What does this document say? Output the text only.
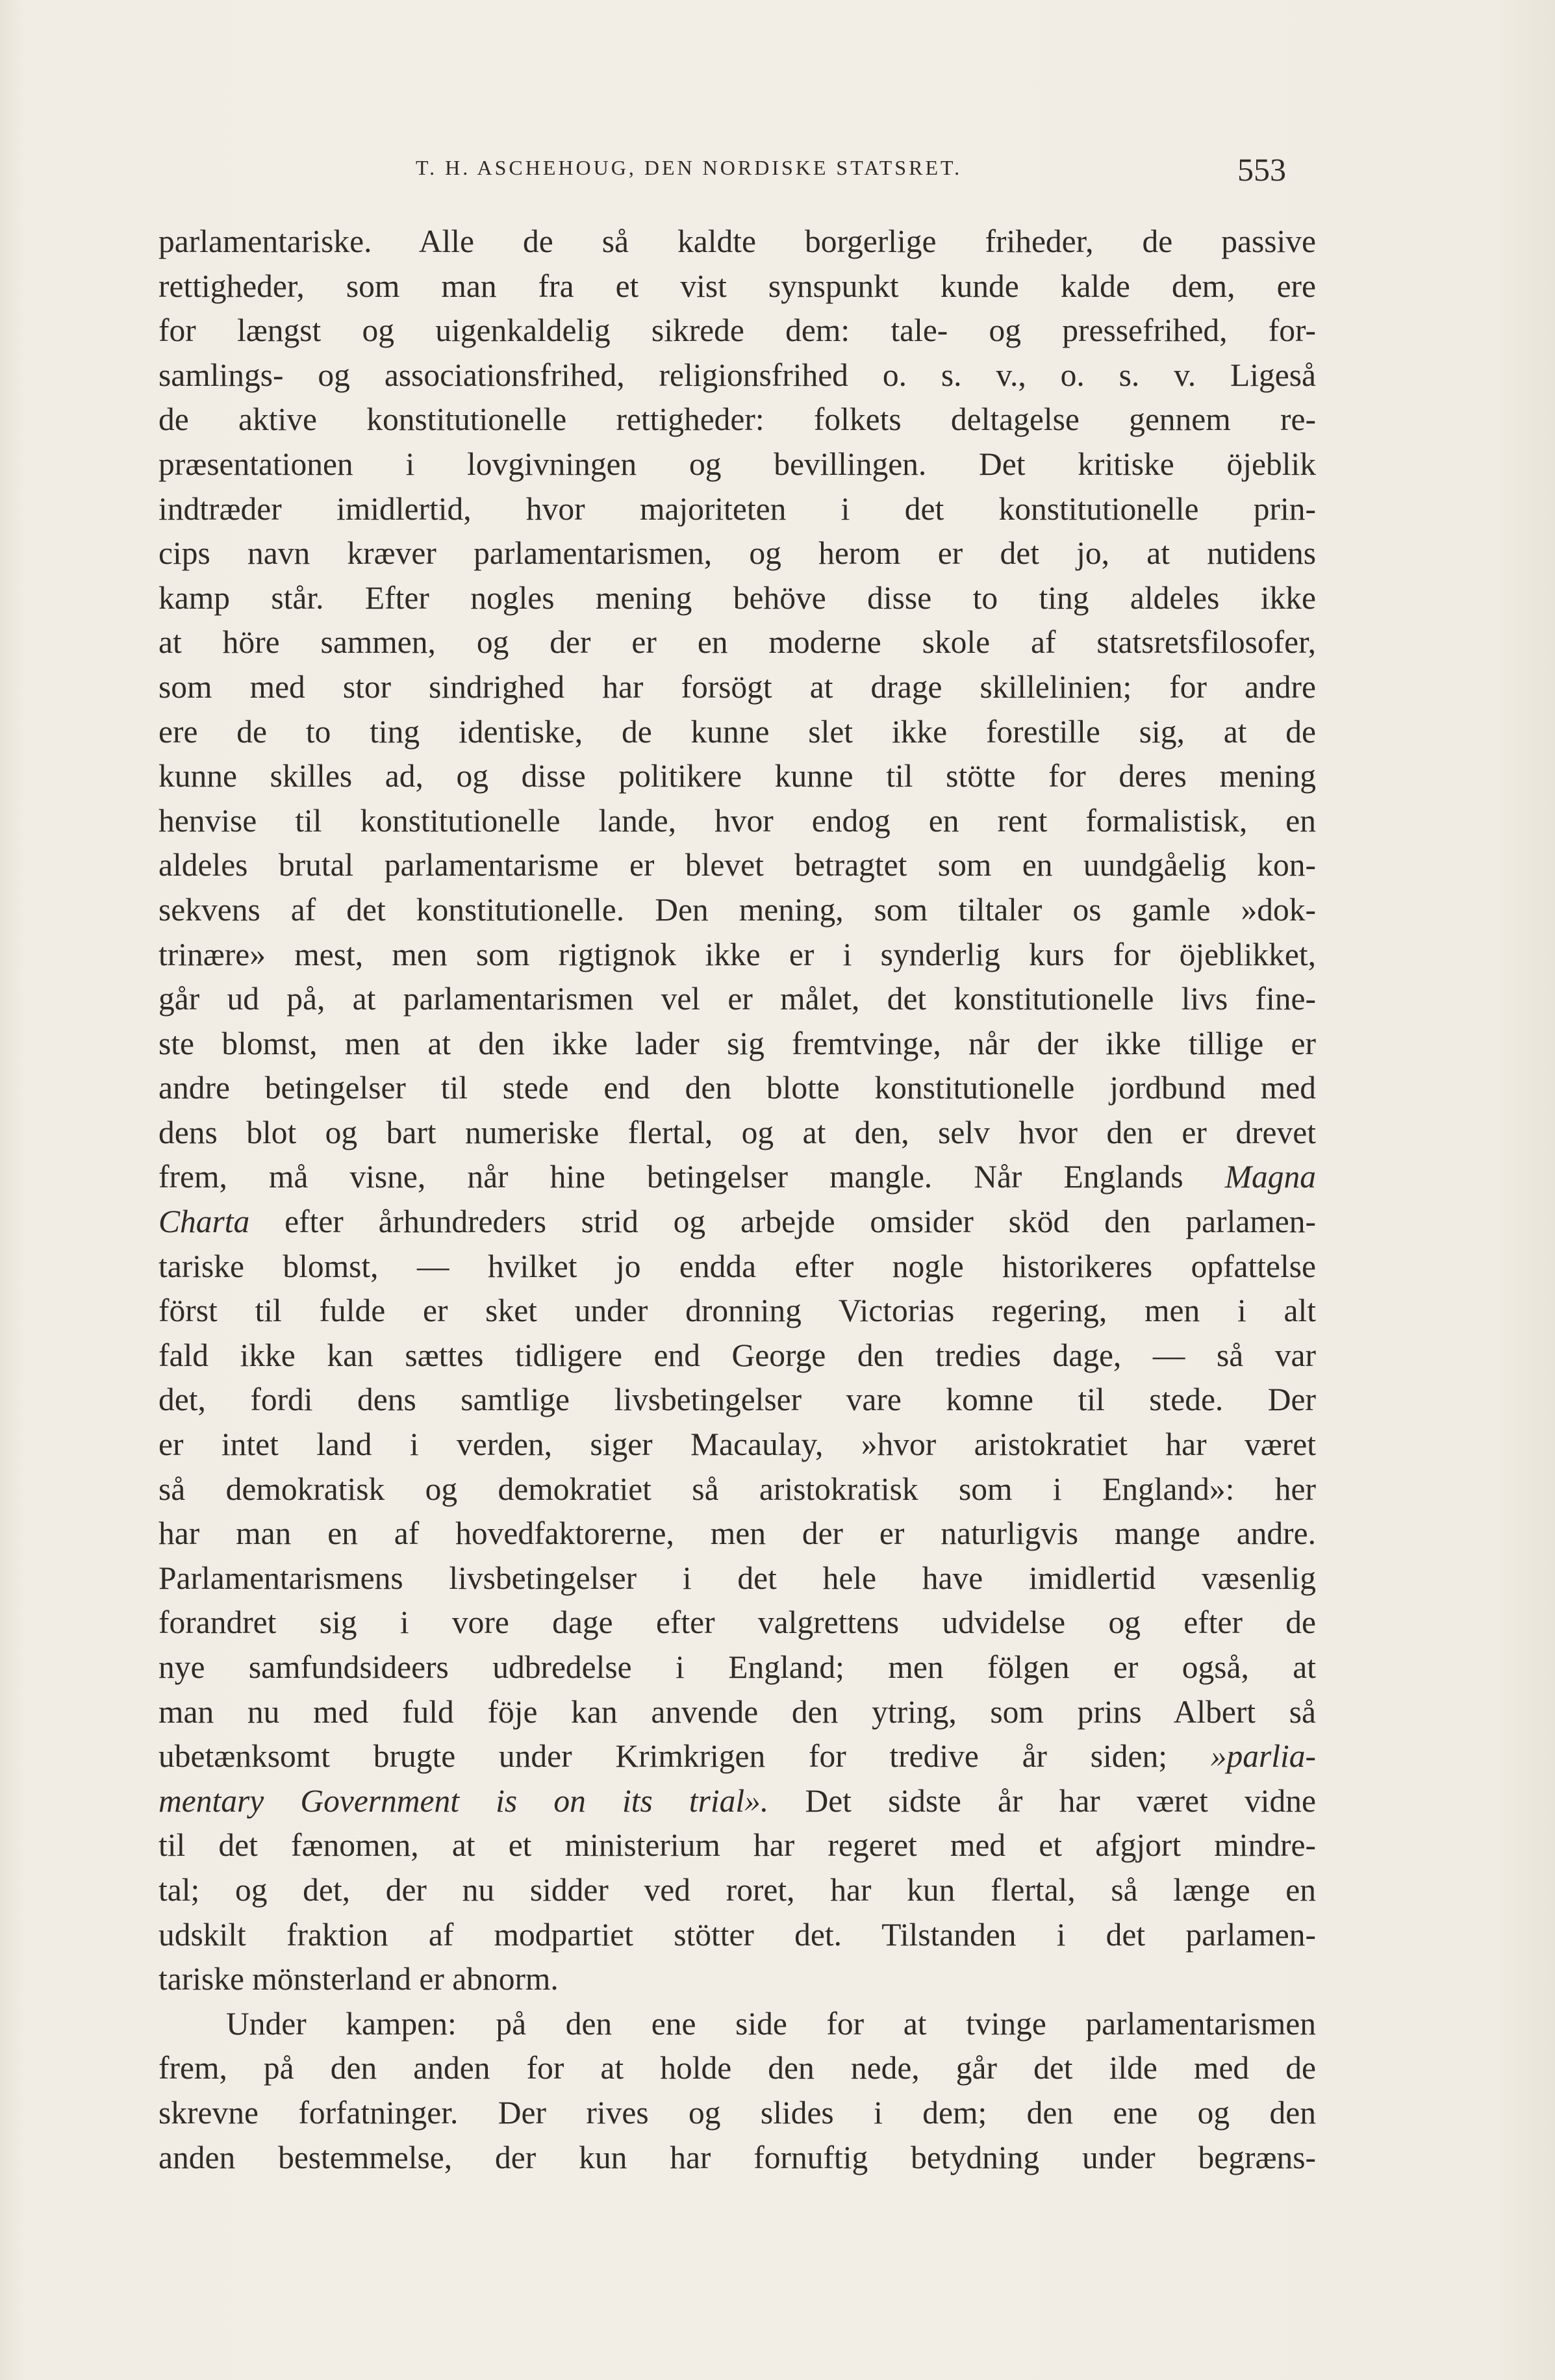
T. H. ASCHEHOUG, DEN NORDISKE STATSRET.	553
parlamentariske. Alle de så kaldte borgerlige friheder, de passive
rettigheder, som man fra et vist synspunkt kunde kalde dem, ere
for længst og uigenkaldelig sikrede dem: tale- og pressefrihed, for-
samlings- og associationsfrihed, religionsfrihed o. s. v., o. s. v. Ligeså
de aktive konstitutionelle rettigheder: folkets deltagelse gennem re-
præsentationen i lovgivningen og bevillingen. Det kritiske öjeblik
indtræder imidlertid, hvor majoriteten i det konstitutionelle prin-
cips navn kræver parlamentarismen, og herom er det jo, at nutidens
kamp står. Efter nogles mening behöve disse to ting aldeles ikke
at höre sammen, og der er en moderne skole af statsretsfilosofer,
som med stor sindrighed har forsögt at drage skillelinien; for andre
ere de to ting identiske, de kunne slet ikke forestille sig, at de
kunne skilles ad, og disse politikere kunne til stötte for deres mening
henvise til konstitutionelle lande, hvor endog en rent formalistisk, en
aldeles brutal parlamentarisme er blevet betragtet som en uundgåelig kon-
sekvens af det konstitutionelle. Den mening, som tiltaler os gamle »dok-
trinære» mest, men som rigtignok ikke er i synderlig kurs for öjeblikket,
går ud på, at parlamentarismen vel er målet, det konstitutionelle livs fine-
ste blomst, men at den ikke lader sig fremtvinge, når der ikke tillige er
andre betingelser til stede end den blotte konstitutionelle jordbund med
dens blot og bart numeriske flertal, og at den, selv hvor den er drevet
frem, må visne, når hine betingelser mangle. Når Englands Magna
Charta efter århundreders strid og arbejde omsider sköd den parlamen-
tariske blomst, — hvilket jo endda efter nogle historikeres opfattelse
först til fulde er sket under dronning Victorias regering, men i alt
fald ikke kan sættes tidligere end George den tredies dage, — så var
det, fordi dens samtlige livsbetingelser vare komne til stede. Der
er intet land i verden, siger Macaulay, »hvor aristokratiet har været
så demokratisk og demokratiet så aristokratisk som i England»: her
har man en af hovedfaktorerne, men der er naturligvis mange andre.
Parlamentarismens livsbetingelser i det hele have imidlertid væsenlig
forandret sig i vore dage efter valgrettens udvidelse og efter de
nye samfundsideers udbredelse i England; men fölgen er også, at
man nu med fuld föje kan anvende den ytring, som prins Albert så
ubetænksomt brugte under Krimkrigen for tredive år siden; »parlia-
mentary Government is on its trial». Det sidste år har været vidne
til det fænomen, at et ministerium har regeret med et afgjort mindre-
tal; og det, der nu sidder ved roret, har kun flertal, så længe en
udskilt fraktion af modpartiet stötter det. Tilstanden i det parlamen-
tariske mönsterland er abnorm.
Under kampen: på den ene side for at tvinge parlamentarismen
frem, på den anden for at holde den nede, går det ilde med de
skrevne forfatninger. Der rives og slides i dem; den ene og den
anden bestemmelse, der kun har fornuftig betydning under begræns-
